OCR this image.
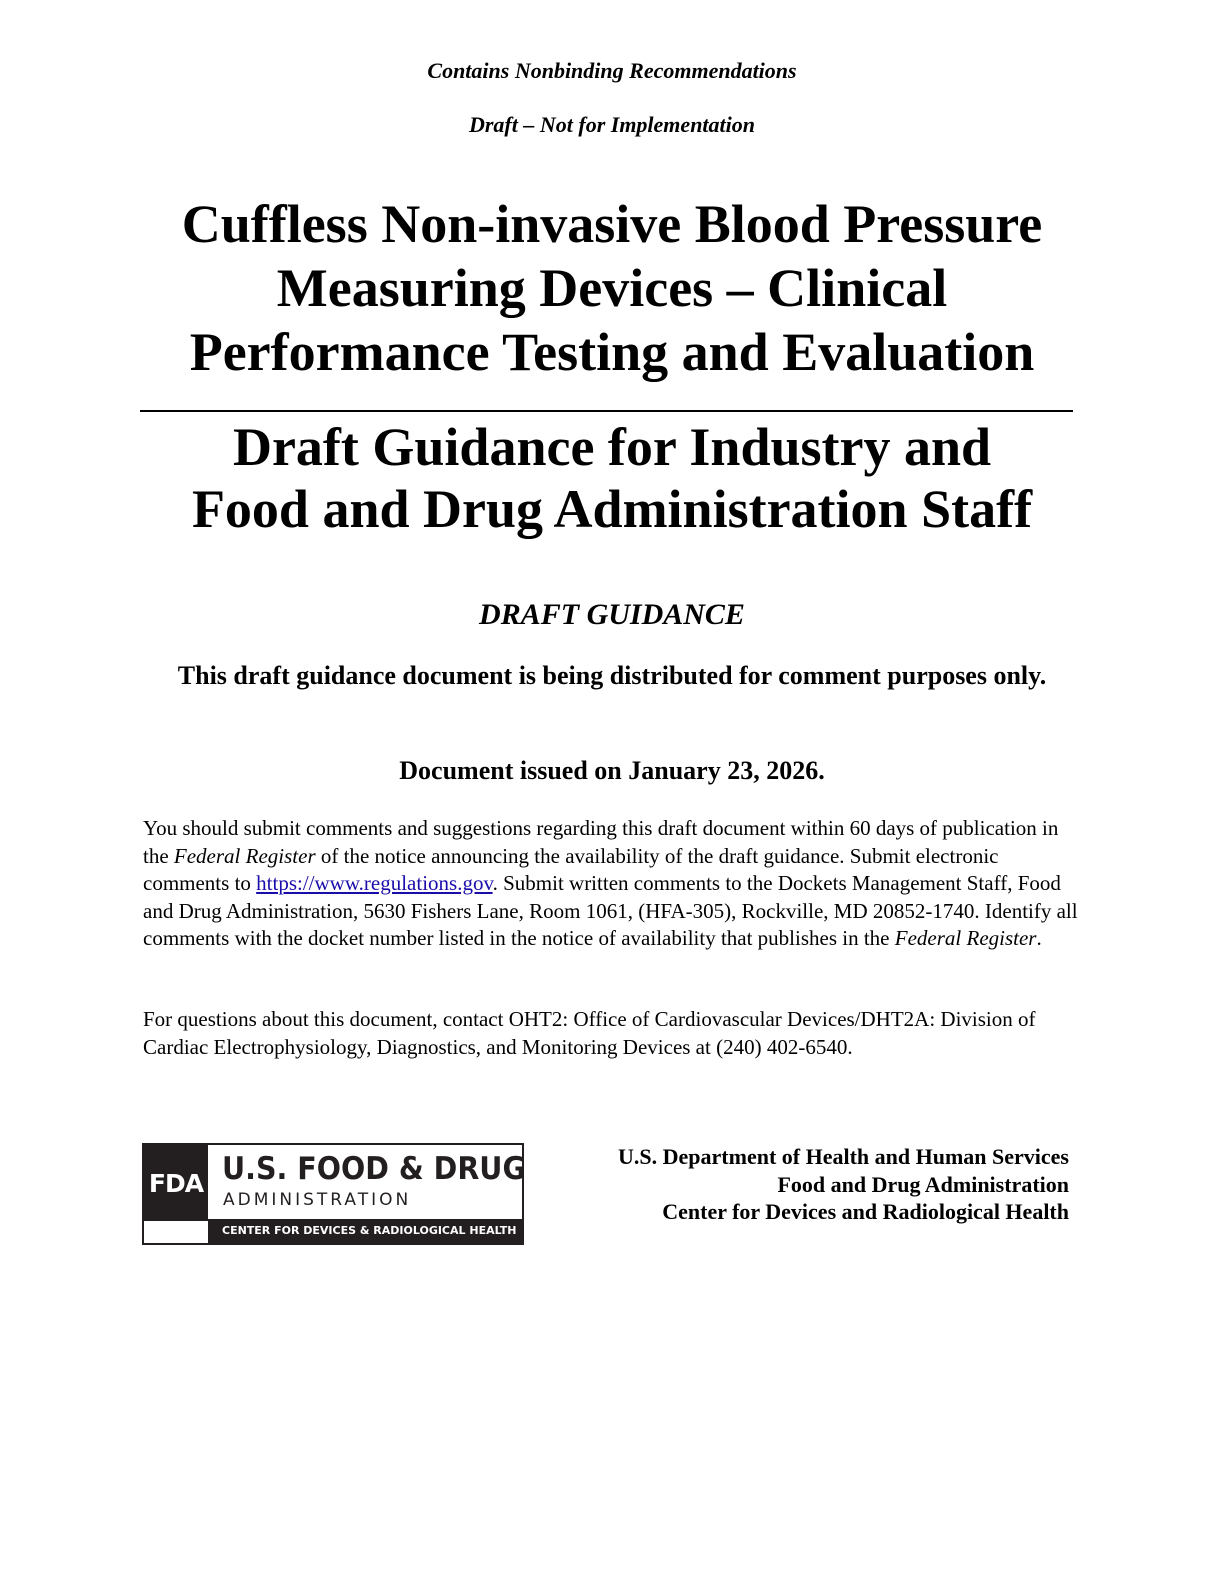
Contains Nonbinding Recommendations

Draft – Not for Implementation

Cuffless Non-invasive Blood Pressure
Measuring Devices – Clinical
Performance Testing and Evaluation
Draft Guidance for Industry and
Food and Drug Administration Staff

DRAFT GUIDANCE

This draft guidance document is being distributed for comment purposes only.

Document issued on January 23, 2026.

You should submit comments and suggestions regarding this draft document within 60 days of publication in the Federal Register of the notice announcing the availability of the draft guidance. Submit electronic comments to https://www.regulations.gov. Submit written comments to the Dockets Management Staff, Food and Drug Administration, 5630 Fishers Lane, Room 1061, (HFA-305), Rockville, MD 20852-1740. Identify all comments with the docket number listed in the notice of availability that publishes in the Federal Register.

For questions about this document, contact OHT2: Office of Cardiovascular Devices/DHT2A: Division of Cardiac Electrophysiology, Diagnostics, and Monitoring Devices at (240) 402-6540.

FDA U.S. FOOD & DRUG
ADMINISTRATION
CENTER FOR DEVICES & RADIOLOGICAL HEALTH
U.S. Department of Health and Human Services
Food and Drug Administration
Center for Devices and Radiological Health
